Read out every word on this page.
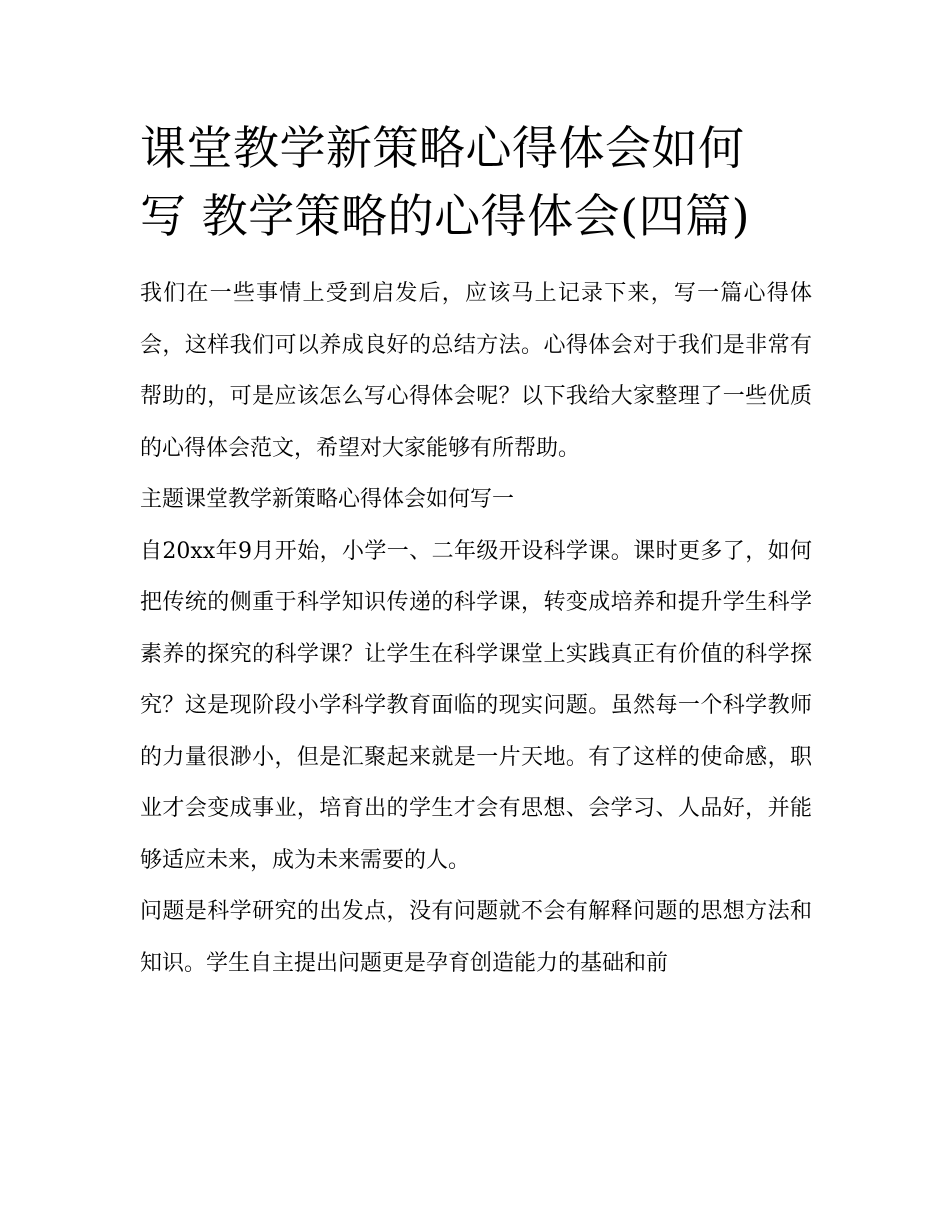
课堂教学新策略心得体会如何
写 教学策略的心得体会(四篇)

我们在一些事情上受到启发后，应该马上记录下来，写一篇心得体会，这样我们可以养成良好的总结方法。心得体会对于我们是非常有帮助的，可是应该怎么写心得体会呢？以下我给大家整理了一些优质的心得体会范文，希望对大家能够有所帮助。

主题课堂教学新策略心得体会如何写一

自20xx年9月开始，小学一、二年级开设科学课。课时更多了，如何把传统的侧重于科学知识传递的科学课，转变成培养和提升学生科学素养的探究的科学课？让学生在科学课堂上实践真正有价值的科学探究？这是现阶段小学科学教育面临的现实问题。虽然每一个科学教师的力量很渺小，但是汇聚起来就是一片天地。有了这样的使命感，职业才会变成事业，培育出的学生才会有思想、会学习、人品好，并能够适应未来，成为未来需要的人。

问题是科学研究的出发点，没有问题就不会有解释问题的思想方法和知识。学生自主提出问题更是孕育创造能力的基础和前
